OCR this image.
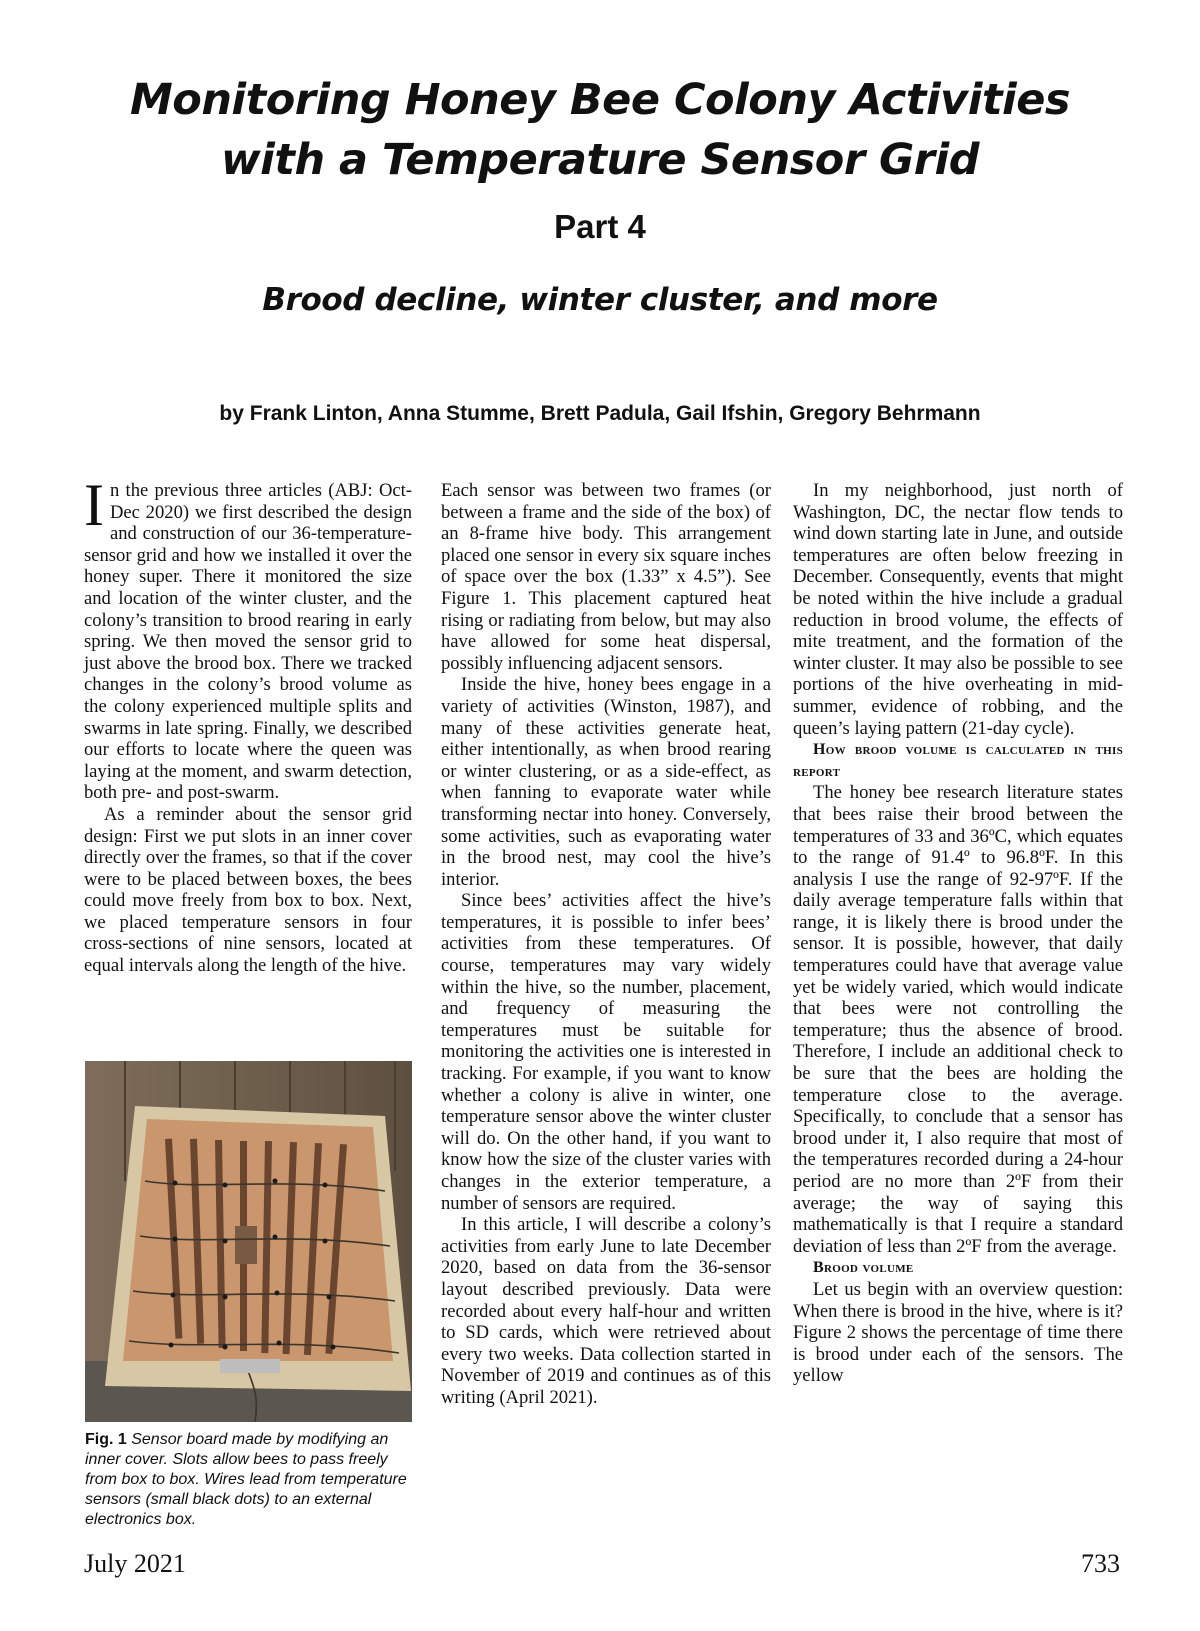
Monitoring Honey Bee Colony Activities
with a Temperature Sensor Grid
Part 4
Brood decline, winter cluster, and more
by Frank Linton, Anna Stumme, Brett Padula, Gail Ifshin, Gregory Behrmann

In the previous three articles (ABJ: Oct-Dec 2020) we first described the design and construction of our 36-temperature-sensor grid and how we installed it over the honey super. There it monitored the size and location of the winter cluster, and the colony’s transition to brood rearing in early spring. We then moved the sensor grid to just above the brood box. There we tracked changes in the colony’s brood volume as the colony experienced multiple splits and swarms in late spring. Finally, we described our efforts to locate where the queen was laying at the moment, and swarm detection, both pre- and post-swarm.

As a reminder about the sensor grid design: First we put slots in an inner cover directly over the frames, so that if the cover were to be placed between boxes, the bees could move freely from box to box. Next, we placed temperature sensors in four cross-sections of nine sensors, located at equal intervals along the length of the hive.

Fig. 1 Sensor board made by modifying an inner cover. Slots allow bees to pass freely from box to box. Wires lead from temperature sensors (small black dots) to an external electronics box.

Each sensor was between two frames (or between a frame and the side of the box) of an 8-frame hive body. This arrangement placed one sensor in every six square inches of space over the box (1.33” x 4.5”). See Figure 1. This placement captured heat rising or radiating from below, but may also have allowed for some heat dispersal, possibly influencing adjacent sensors.

Inside the hive, honey bees engage in a variety of activities (Winston, 1987), and many of these activities generate heat, either intentionally, as when brood rearing or winter clustering, or as a side-effect, as when fanning to evaporate water while transforming nectar into honey. Conversely, some activities, such as evaporating water in the brood nest, may cool the hive’s interior.

Since bees’ activities affect the hive’s temperatures, it is possible to infer bees’ activities from these temperatures. Of course, temperatures may vary widely within the hive, so the number, placement, and frequency of measuring the temperatures must be suitable for monitoring the activities one is interested in tracking. For example, if you want to know whether a colony is alive in winter, one temperature sensor above the winter cluster will do. On the other hand, if you want to know how the size of the cluster varies with changes in the exterior temperature, a number of sensors are required.

In this article, I will describe a colony’s activities from early June to late December 2020, based on data from the 36-sensor layout described previously. Data were recorded about every half-hour and written to SD cards, which were retrieved about every two weeks. Data collection started in November of 2019 and continues as of this writing (April 2021).

In my neighborhood, just north of Washington, DC, the nectar flow tends to wind down starting late in June, and outside temperatures are often below freezing in December. Consequently, events that might be noted within the hive include a gradual reduction in brood volume, the effects of mite treatment, and the formation of the winter cluster. It may also be possible to see portions of the hive overheating in mid-summer, evidence of robbing, and the queen’s laying pattern (21-day cycle).

How brood volume is calculated in this report

The honey bee research literature states that bees raise their brood between the temperatures of 33 and 36ºC, which equates to the range of 91.4º to 96.8ºF. In this analysis I use the range of 92-97ºF. If the daily average temperature falls within that range, it is likely there is brood under the sensor. It is possible, however, that daily temperatures could have that average value yet be widely varied, which would indicate that bees were not controlling the temperature; thus the absence of brood. Therefore, I include an additional check to be sure that the bees are holding the temperature close to the average. Specifically, to conclude that a sensor has brood under it, I also require that most of the temperatures recorded during a 24-hour period are no more than 2ºF from their average; the way of saying this mathematically is that I require a standard deviation of less than 2ºF from the average.

Brood volume

Let us begin with an overview question: When there is brood in the hive, where is it? Figure 2 shows the percentage of time there is brood under each of the sensors. The yellow

July 2021	733
